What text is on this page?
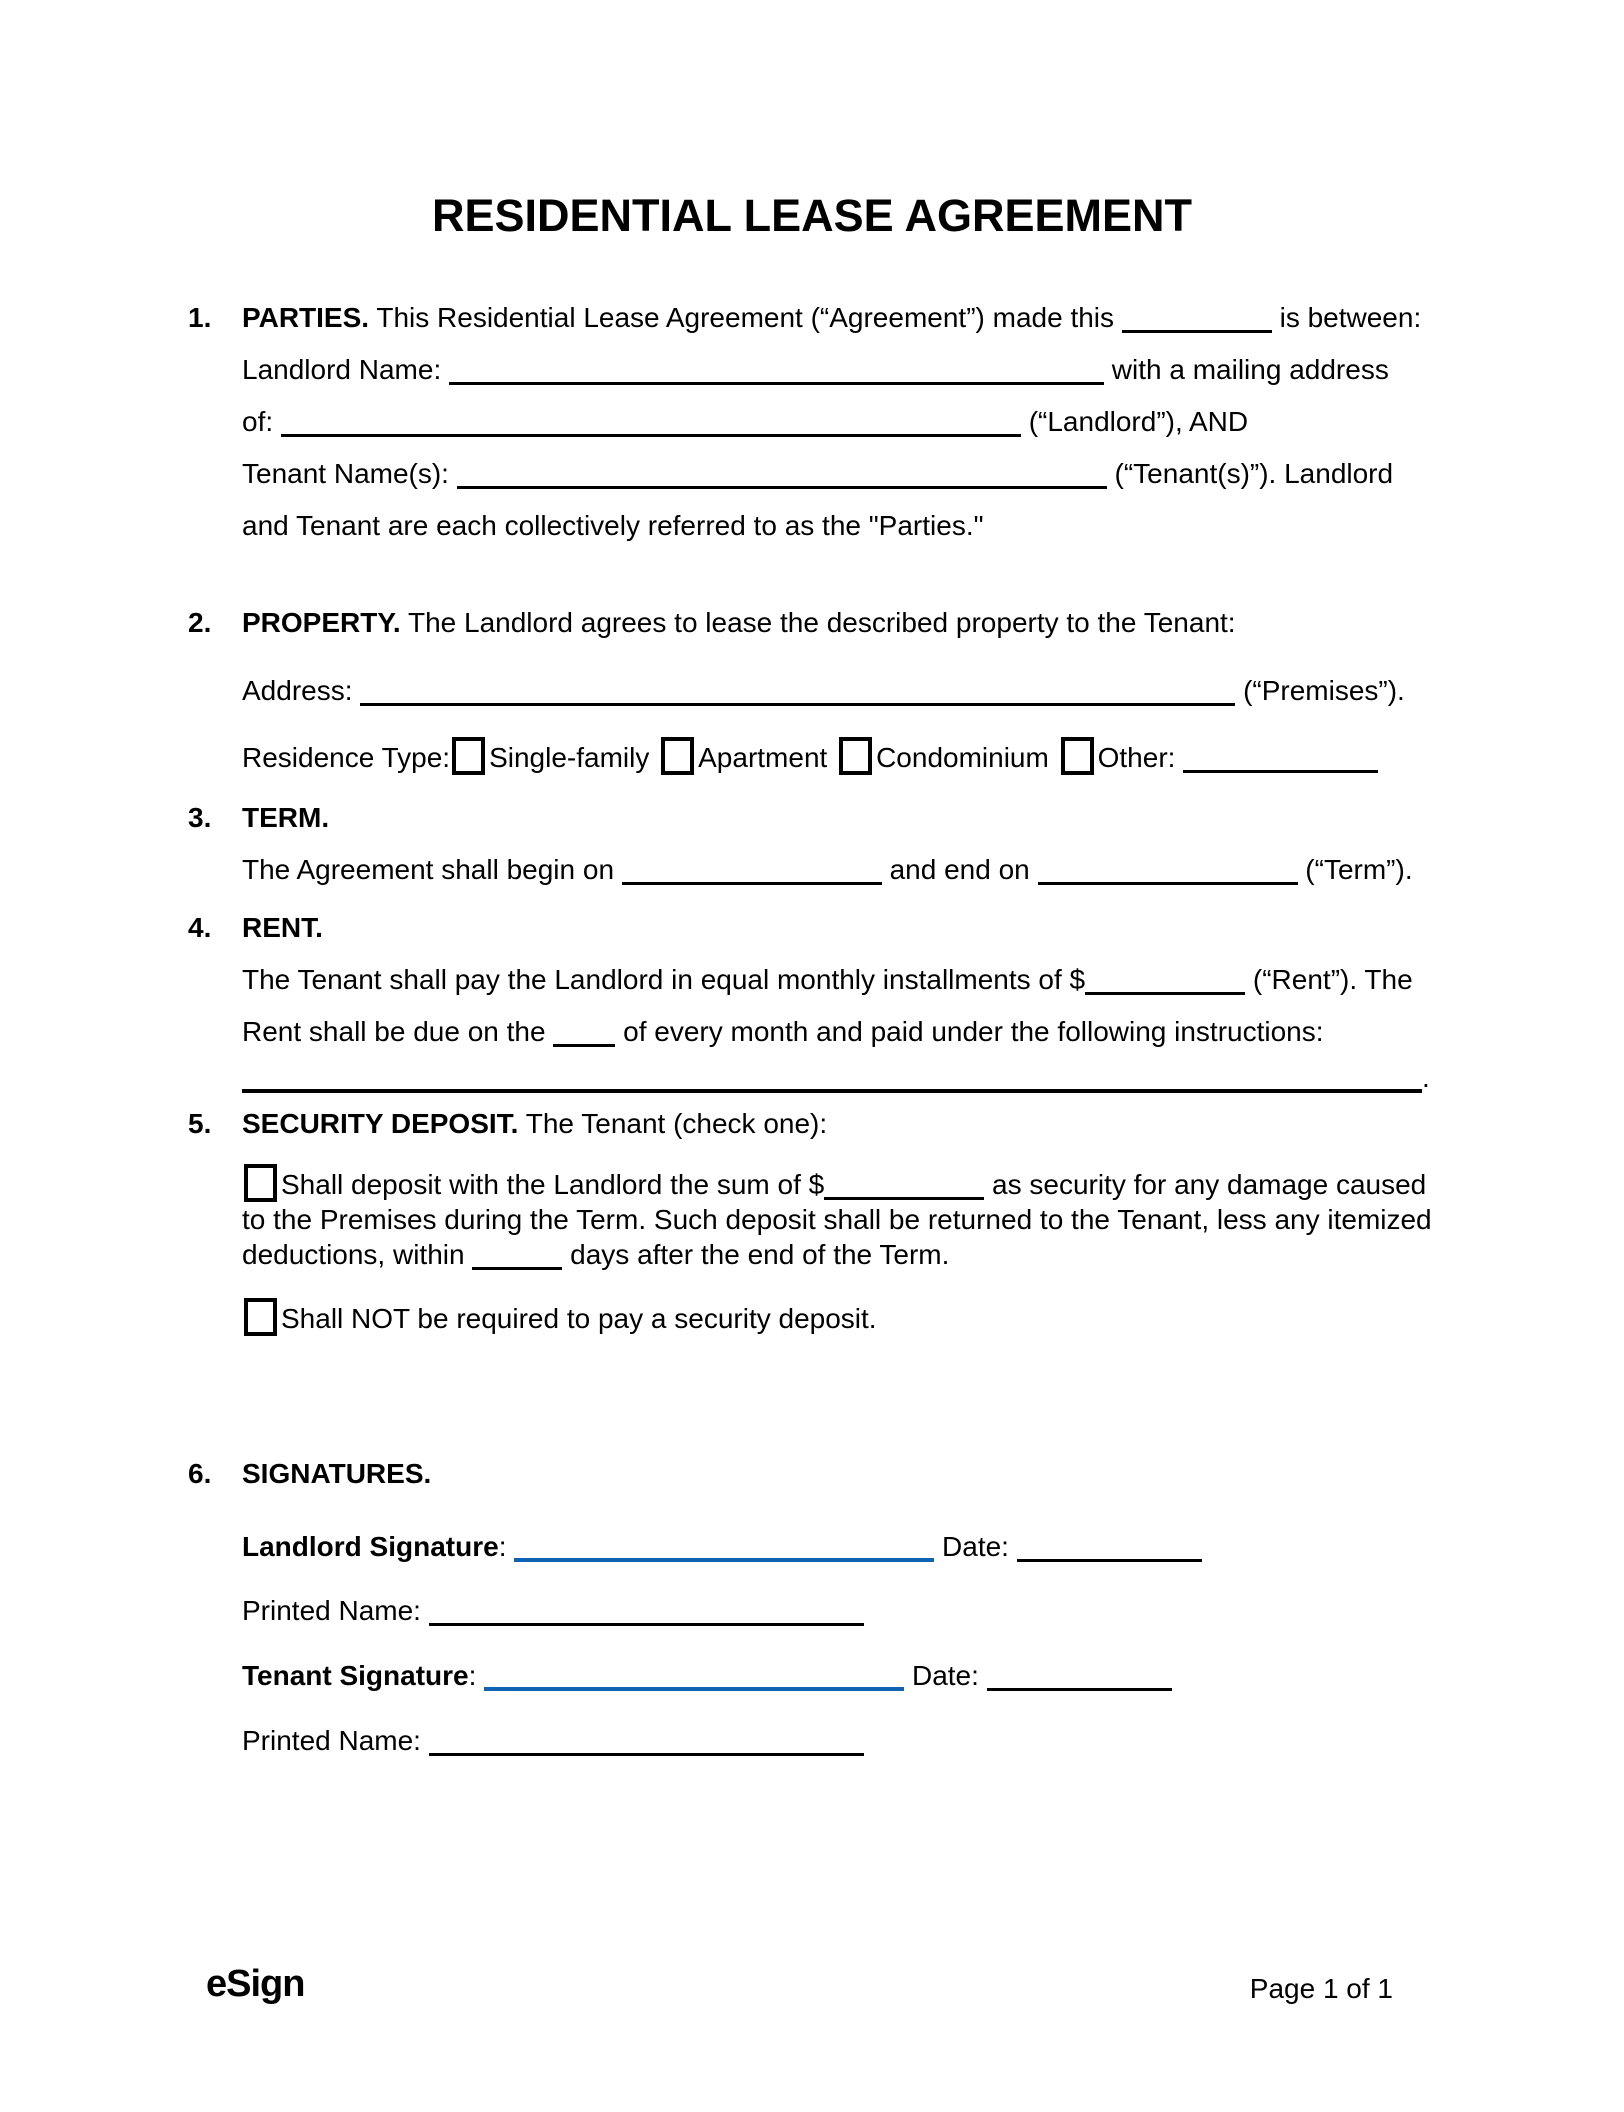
RESIDENTIAL LEASE AGREEMENT
1.	PARTIES. This Residential Lease Agreement (“Agreement”) made this	is between:
Landlord Name:	with a mailing address
of:	(“Landlord”), AND
Tenant Name(s):	(“Tenant(s)”). Landlord
and Tenant are each collectively referred to as the "Parties."
2.	PROPERTY. The Landlord agrees to lease the described property to the Tenant:
Address:	(“Premises”).
Residence Type: Single-family Apartment Condominium Other:
3.	TERM.
The Agreement shall begin on	and end on	(“Term”).
4.	RENT.
The Tenant shall pay the Landlord in equal monthly installments of $	(“Rent”). The
Rent shall be due on the	of every month and paid under the following instructions:
.
5.	SECURITY DEPOSIT. The Tenant (check one):
Shall deposit with the Landlord the sum of $	as security for any damage caused to the Premises during the Term. Such deposit shall be returned to the Tenant, less any itemized deductions, within	days after the end of the Term.
Shall NOT be required to pay a security deposit.
6.	SIGNATURES.
Landlord Signature:	Date:
Printed Name:
Tenant Signature:	Date:
Printed Name:
eSign	Page 1 of 1
